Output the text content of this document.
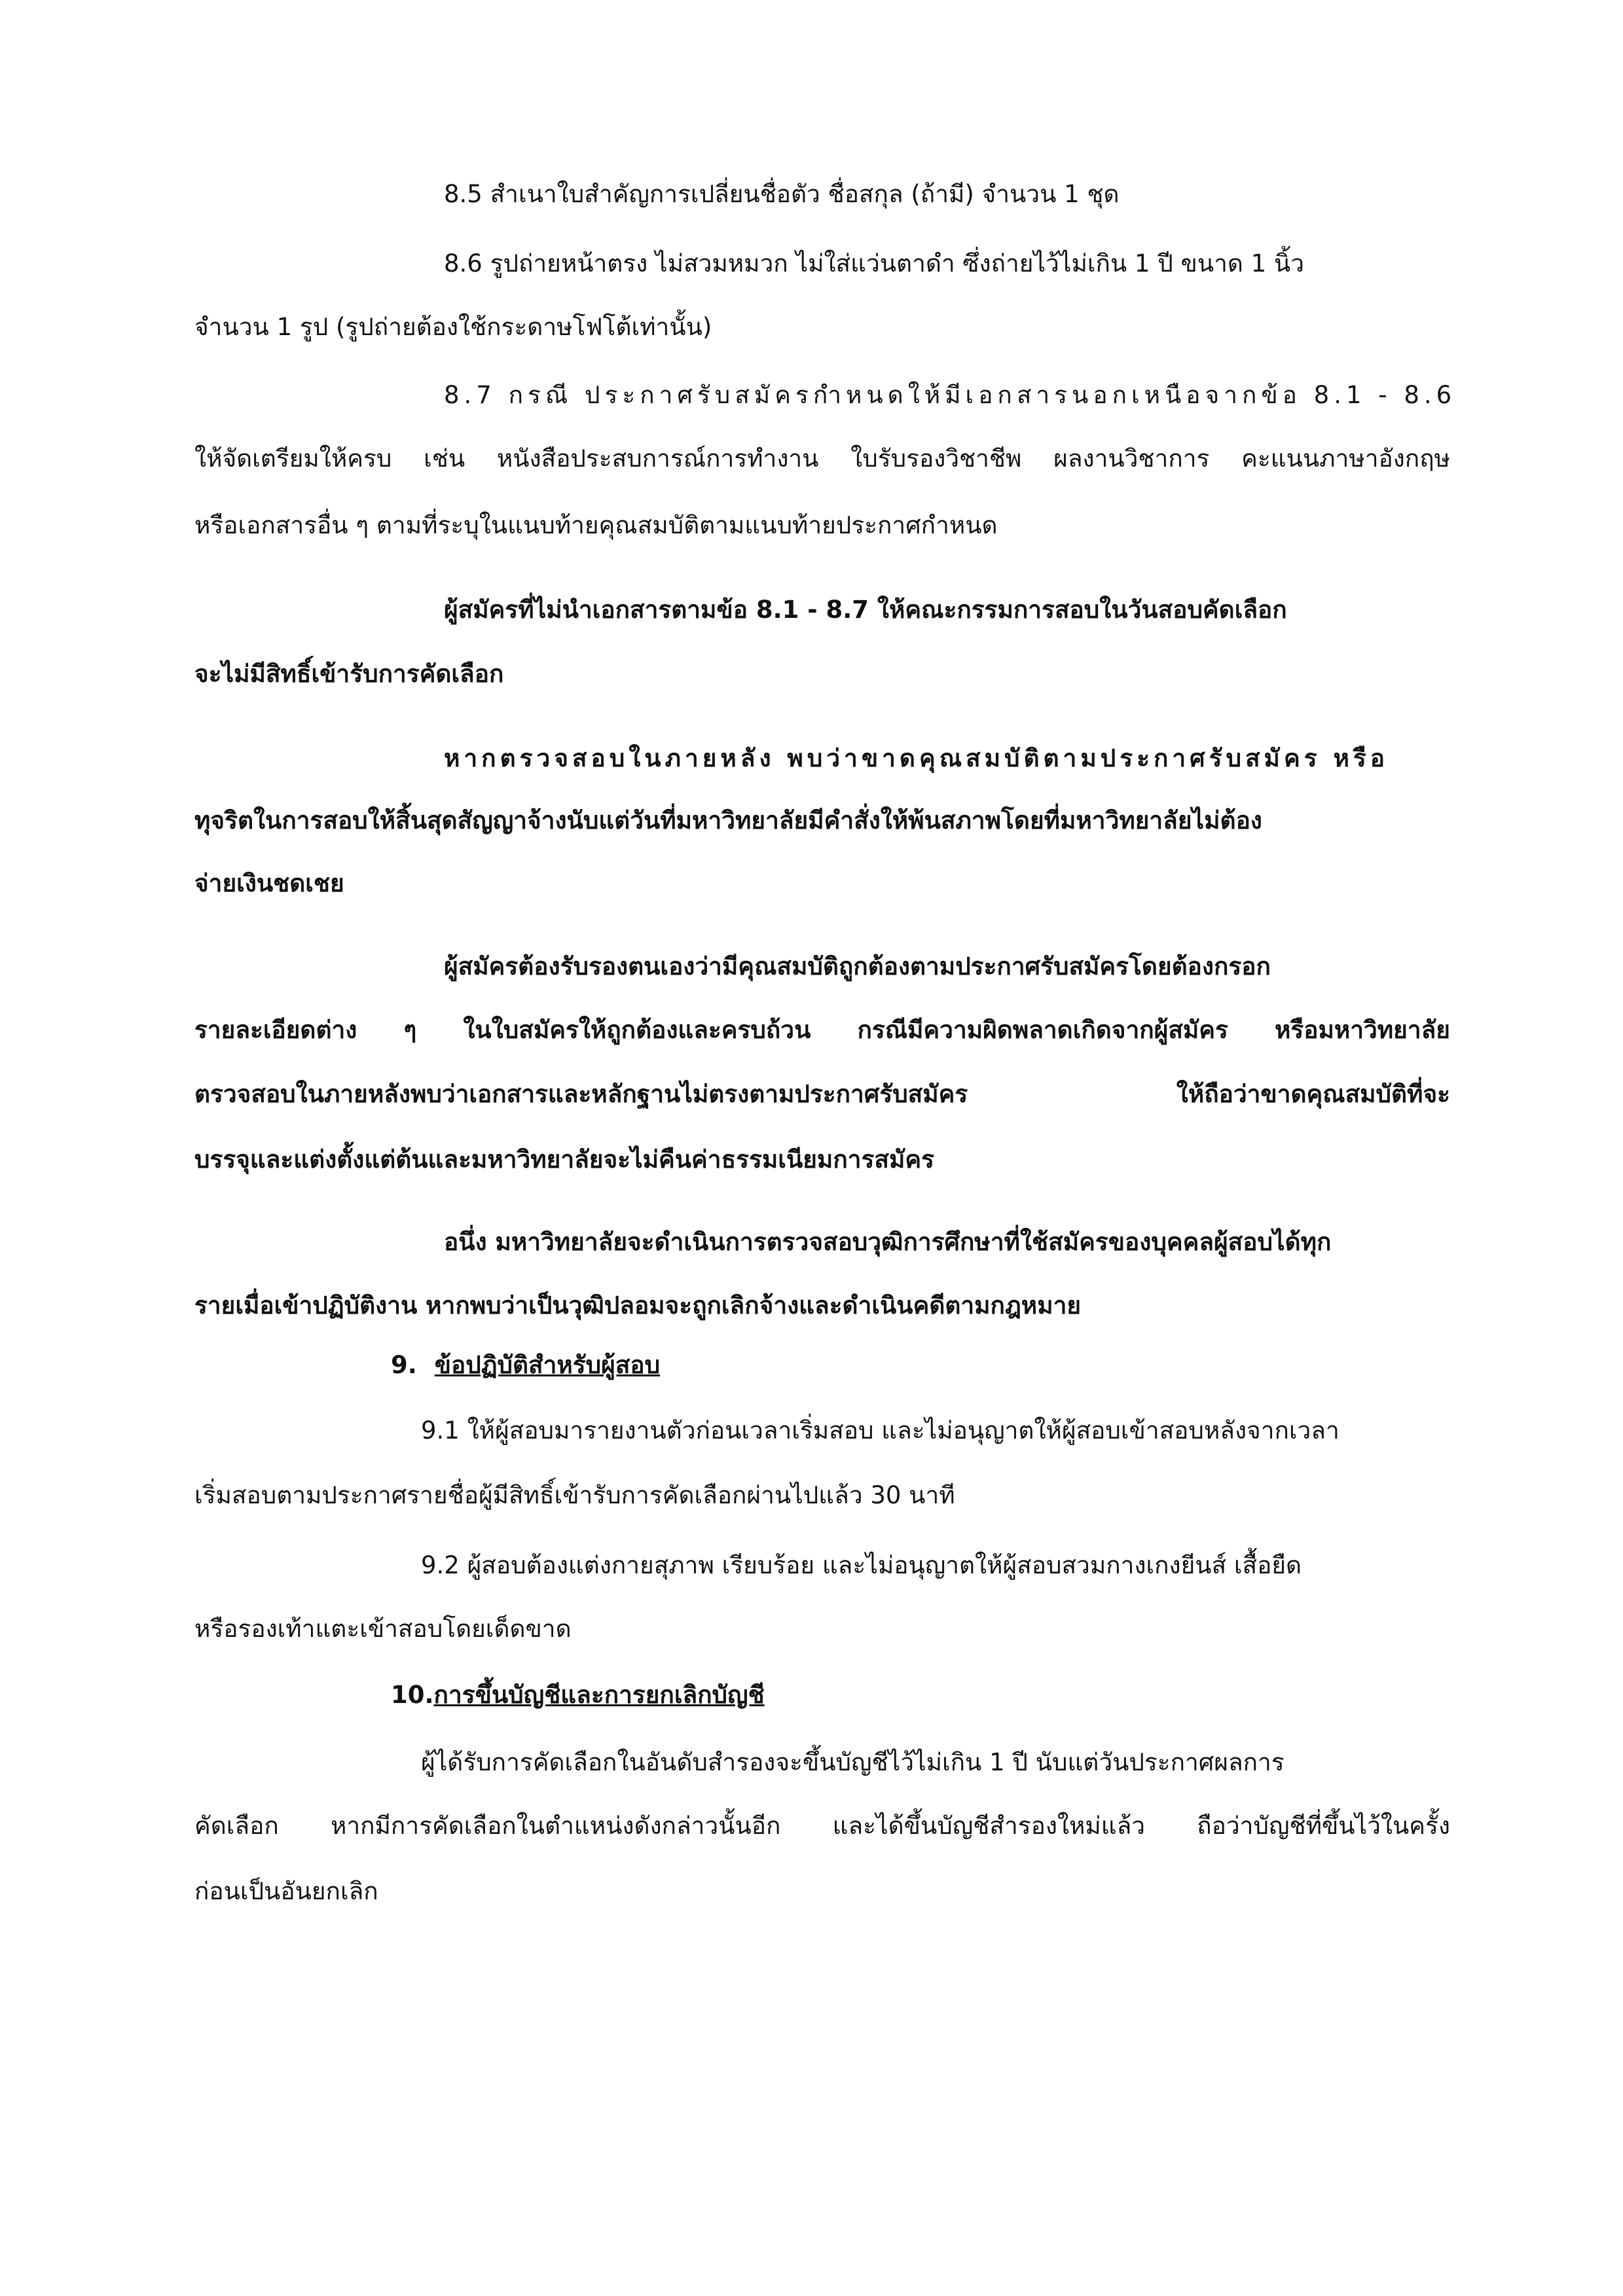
8.5 สำเนาใบสำคัญการเปลี่ยนชื่อตัว ชื่อสกุล (ถ้ามี) จำนวน 1 ชุด
8.6 รูปถ่ายหน้าตรง ไม่สวมหมวก ไม่ใส่แว่นตาดำ ซึ่งถ่ายไว้ไม่เกิน 1 ปี ขนาด 1 นิ้ว
จำนวน 1 รูป (รูปถ่ายต้องใช้กระดาษโฟโต้เท่านั้น)
8.7 กรณี ประกาศรับสมัครกำหนดให้มีเอกสารนอกเหนือจากข้อ 8.1 - 8.6
ให้จัดเตรียมให้ครบ เช่น หนังสือประสบการณ์การทำงาน ใบรับรองวิชาชีพ ผลงานวิชาการ คะแนนภาษาอังกฤษ
หรือเอกสารอื่น ๆ ตามที่ระบุในแนบท้ายคุณสมบัติตามแนบท้ายประกาศกำหนด
ผู้สมัครที่ไม่นำเอกสารตามข้อ 8.1 - 8.7 ให้คณะกรรมการสอบในวันสอบคัดเลือก
จะไม่มีสิทธิ์เข้ารับการคัดเลือก
หากตรวจสอบในภายหลัง พบว่าขาดคุณสมบัติตามประกาศรับสมัคร หรือ
ทุจริตในการสอบให้สิ้นสุดสัญญาจ้างนับแต่วันที่มหาวิทยาลัยมีคำสั่งให้พ้นสภาพโดยที่มหาวิทยาลัยไม่ต้อง
จ่ายเงินชดเชย
ผู้สมัครต้องรับรองตนเองว่ามีคุณสมบัติถูกต้องตามประกาศรับสมัครโดยต้องกรอก
รายละเอียดต่าง ๆ ในใบสมัครให้ถูกต้องและครบถ้วน กรณีมีความผิดพลาดเกิดจากผู้สมัคร หรือมหาวิทยาลัย
ตรวจสอบในภายหลังพบว่าเอกสารและหลักฐานไม่ตรงตามประกาศรับสมัคร ให้ถือว่าขาดคุณสมบัติที่จะ
บรรจุและแต่งตั้งแต่ต้นและมหาวิทยาลัยจะไม่คืนค่าธรรมเนียมการสมัคร
อนึ่ง มหาวิทยาลัยจะดำเนินการตรวจสอบวุฒิการศึกษาที่ใช้สมัครของบุคคลผู้สอบได้ทุก
รายเมื่อเข้าปฏิบัติงาน หากพบว่าเป็นวุฒิปลอมจะถูกเลิกจ้างและดำเนินคดีตามกฎหมาย
9. ข้อปฏิบัติสำหรับผู้สอบ
9.1 ให้ผู้สอบมารายงานตัวก่อนเวลาเริ่มสอบ และไม่อนุญาตให้ผู้สอบเข้าสอบหลังจากเวลา
เริ่มสอบตามประกาศรายชื่อผู้มีสิทธิ์เข้ารับการคัดเลือกผ่านไปแล้ว 30 นาที
9.2 ผู้สอบต้องแต่งกายสุภาพ เรียบร้อย และไม่อนุญาตให้ผู้สอบสวมกางเกงยีนส์ เสื้อยืด
หรือรองเท้าแตะเข้าสอบโดยเด็ดขาด
10.การขึ้นบัญชีและการยกเลิกบัญชี
ผู้ได้รับการคัดเลือกในอันดับสำรองจะขึ้นบัญชีไว้ไม่เกิน 1 ปี นับแต่วันประกาศผลการ
คัดเลือก หากมีการคัดเลือกในตำแหน่งดังกล่าวนั้นอีก และได้ขึ้นบัญชีสำรองใหม่แล้ว ถือว่าบัญชีที่ขึ้นไว้ในครั้ง
ก่อนเป็นอันยกเลิก
